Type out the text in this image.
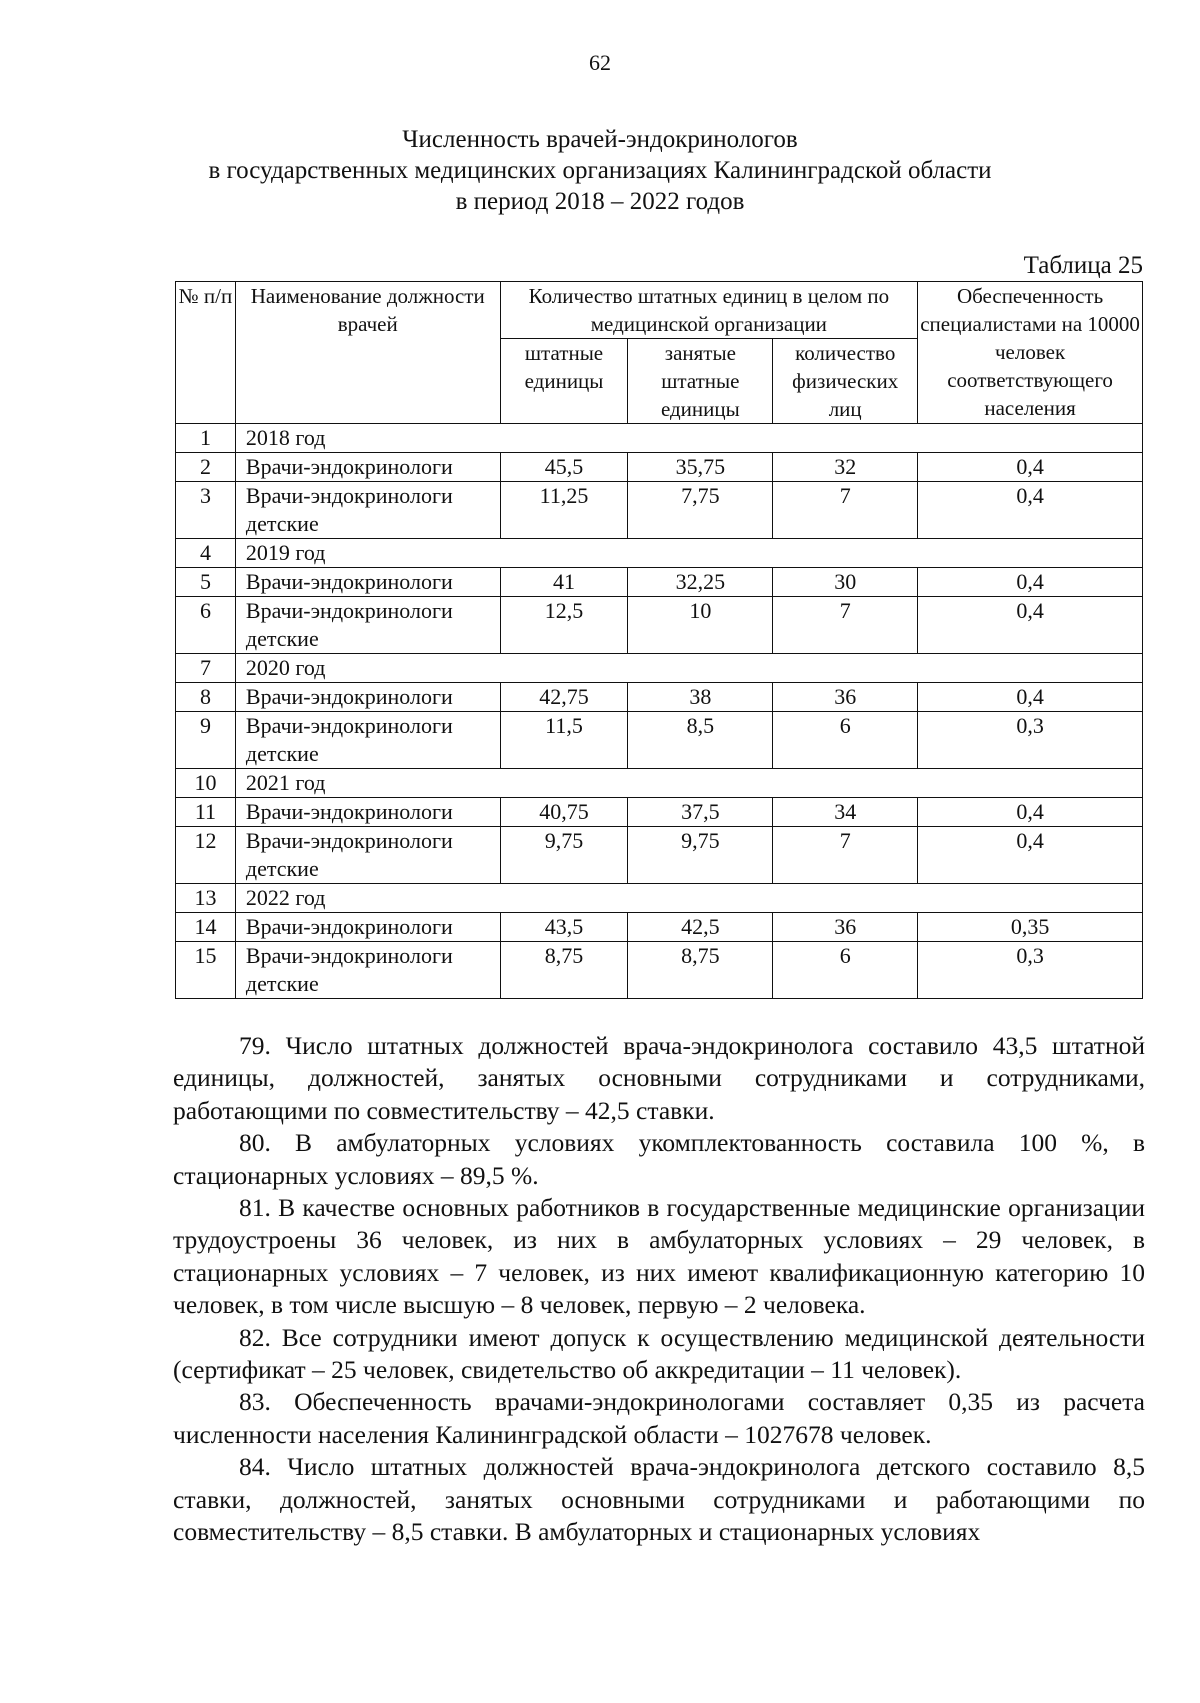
62
Численность врачей-эндокринологов
в государственных медицинских организациях Калининградской области
в период 2018 – 2022 годов
Таблица 25
№ п/п	Наименование должности врачей	Количество штатных единиц в целом по медицинской организации			Обеспеченность специалистами на 10000 человек соответствующего населения
		штатные единицы	занятые штатные единицы	количество физических лиц	
1	2018 год				
2	Врачи-эндокринологи	45,5	35,75	32	0,4
3	Врачи-эндокринологи детские	11,25	7,75	7	0,4
4	2019 год				
5	Врачи-эндокринологи	41	32,25	30	0,4
6	Врачи-эндокринологи детские	12,5	10	7	0,4
7	2020 год				
8	Врачи-эндокринологи	42,75	38	36	0,4
9	Врачи-эндокринологи детские	11,5	8,5	6	0,3
10	2021 год				
11	Врачи-эндокринологи	40,75	37,5	34	0,4
12	Врачи-эндокринологи детские	9,75	9,75	7	0,4
13	2022 год				
14	Врачи-эндокринологи	43,5	42,5	36	0,35
15	Врачи-эндокринологи детские	8,75	8,75	6	0,3

79. Число штатных должностей врача-эндокринолога составило 43,5 штатной единицы, должностей, занятых основными сотрудниками и сотрудниками, работающими по совместительству – 42,5 ставки.

80. В амбулаторных условиях укомплектованность составила 100 %, в стационарных условиях – 89,5 %.

81. В качестве основных работников в государственные медицинские организации трудоустроены 36 человек, из них в амбулаторных условиях – 29 человек, в стационарных условиях – 7 человек, из них имеют квалификационную категорию 10 человек, в том числе высшую – 8 человек, первую – 2 человека.

82. Все сотрудники имеют допуск к осуществлению медицинской деятельности (сертификат – 25 человек, свидетельство об аккредитации – 11 человек).

83. Обеспеченность врачами-эндокринологами составляет 0,35 из расчета численности населения Калининградской области – 1027678 человек.

84. Число штатных должностей врача-эндокринолога детского составило 8,5 ставки, должностей, занятых основными сотрудниками и работающими по совместительству – 8,5 ставки. В амбулаторных и стационарных условиях
